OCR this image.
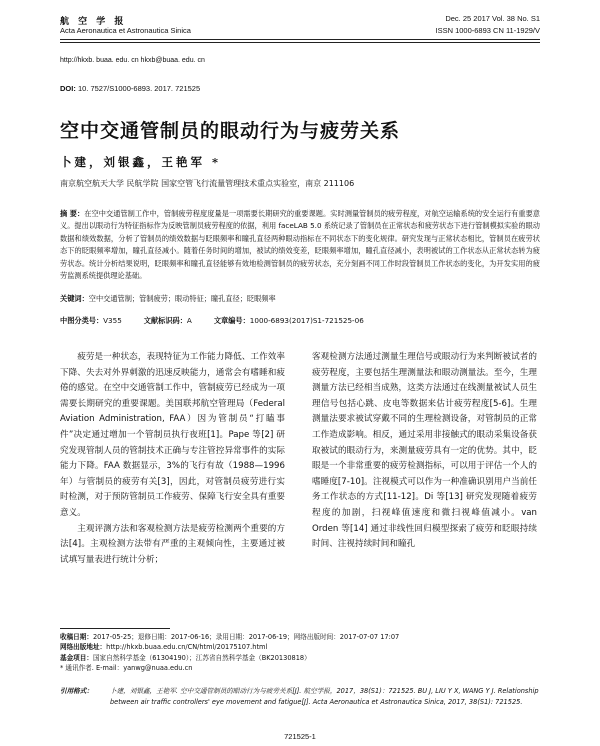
航 空 学 报
Acta Aeronautica et Astronautica Sinica
Dec. 25 2017 Vol. 38 No. S1
ISSN 1000-6893 CN 11-1929/V
http://hkxb. buaa. edu. cn hkxb@buaa. edu. cn
DOI: 10. 7527/S1000-6893. 2017. 721525
空中交通管制员的眼动行为与疲劳关系
卜建，刘银鑫，王艳军 *
南京航空航天大学 民航学院 国家空管飞行流量管理技术重点实验室，南京 211106
摘 要：在空中交通管制工作中，管制疲劳程度度量是一项需要长期研究的重要课题。实时测量管制员的疲劳程度，对航空运输系统的安全运行有重要意义。提出以眼动行为特征指标作为反映管制员疲劳程度的依据，利用 faceLAB 5.0 系统记录了管制员在正常状态和疲劳状态下进行管制模拟实验的眼动数据和绩效数据，分析了管制员的绩效数据与眨眼频率和瞳孔直径两种眼动指标在不同状态下的变化规律。研究发现与正常状态相比，管制员在疲劳状态下的眨眼频率增加，瞳孔直径减小。随着任务时间的增加，被试的绩效变差，眨眼频率增加，瞳孔直径减小，表明被试的工作状态从正常状态转为疲劳状态。统计分析结果说明，眨眼频率和瞳孔直径能够有效地检测管制员的疲劳状态，充分刻画不同工作时段管制员工作状态的变化，为开发实用的疲劳监测系统提供理论基础。
关键词：空中交通管制；管制疲劳；眼动特征；瞳孔直径；眨眼频率
中图分类号：V355	文献标识码：A	文章编号：1000-6893(2017)S1-721525-06

疲劳是一种状态，表现特征为工作能力降低、工作效率下降、失去对外界刺激的迅速反映能力，通常会有嗜睡和疲倦的感觉。在空中交通管制工作中，管制疲劳已经成为一项需要长期研究的重要课题。美国联邦航空管理局（Federal Aviation Administration, FAA）因为管制员“打瞌事件”决定通过增加一个管制员执行夜班[1]。Pape 等[2] 研究发现管制人员的管制技术正确与专注管控异常事件的实际能力下降。FAA 数据显示，3%的飞行有故（1988—1996 年）与管制员的疲劳有关[3]，因此，对管制员疲劳进行实时检测，对于预防管制员工作疲劳、保障飞行安全具有重要意义。

主观评测方法和客观检测方法是疲劳检测两个重要的方法[4]。主观检测方法带有严重的主观倾向性，主要通过被试填写量表进行统计分析；

客观检测方法通过测量生理信号或眼动行为来判断被试者的疲劳程度，主要包括生理测量法和眼动测量法。至今，生理测量方法已经相当成熟，这类方法通过在线测量被试人员生理信号包括心跳、皮电等数据来估计疲劳程度[5-6]。生理测量法要求被试穿戴不同的生理检测设备，对管制员的正常工作造成影响。相反，通过采用非接触式的眼动采集设备获取被试的眼动行为，来测量疲劳具有一定的优势。其中，眨眼是一个非常重要的疲劳检测指标，可以用于评估一个人的嗜睡度[7-10]。注视模式可以作为一种准确识别用户当前任务工作状态的方式[11-12]。Di 等[13] 研究发现随着疲劳程度的加剧，扫视峰值速度和微扫视峰值减小。van Orden 等[14] 通过非线性回归模型探索了疲劳和眨眼持续时间、注视持续时间和瞳孔

收稿日期：2017-05-25；退修日期：2017-06-16；录用日期：2017-06-19；网络出版时间：2017-07-07 17:07
网络出版地址：http://hkxb.buaa.edu.cn/CN/html/20175107.html
基金项目：国家自然科学基金（61304190）；江苏省自然科学基金（BK20130818）
* 通讯作者. E-mail：yanwg@nuaa.edu.cn
引用格式：	卜建，刘银鑫，王艳军. 空中交通管制员的眼动行为与疲劳关系[J]. 航空学报，2017，38(S1)：721525. BU J, LIU Y X, WANG Y J. Relationship between air traffic controllers' eye movement and fatigue[J]. Acta Aeronautica et Astronautica Sinica, 2017, 38(S1): 721525.
721525-1
